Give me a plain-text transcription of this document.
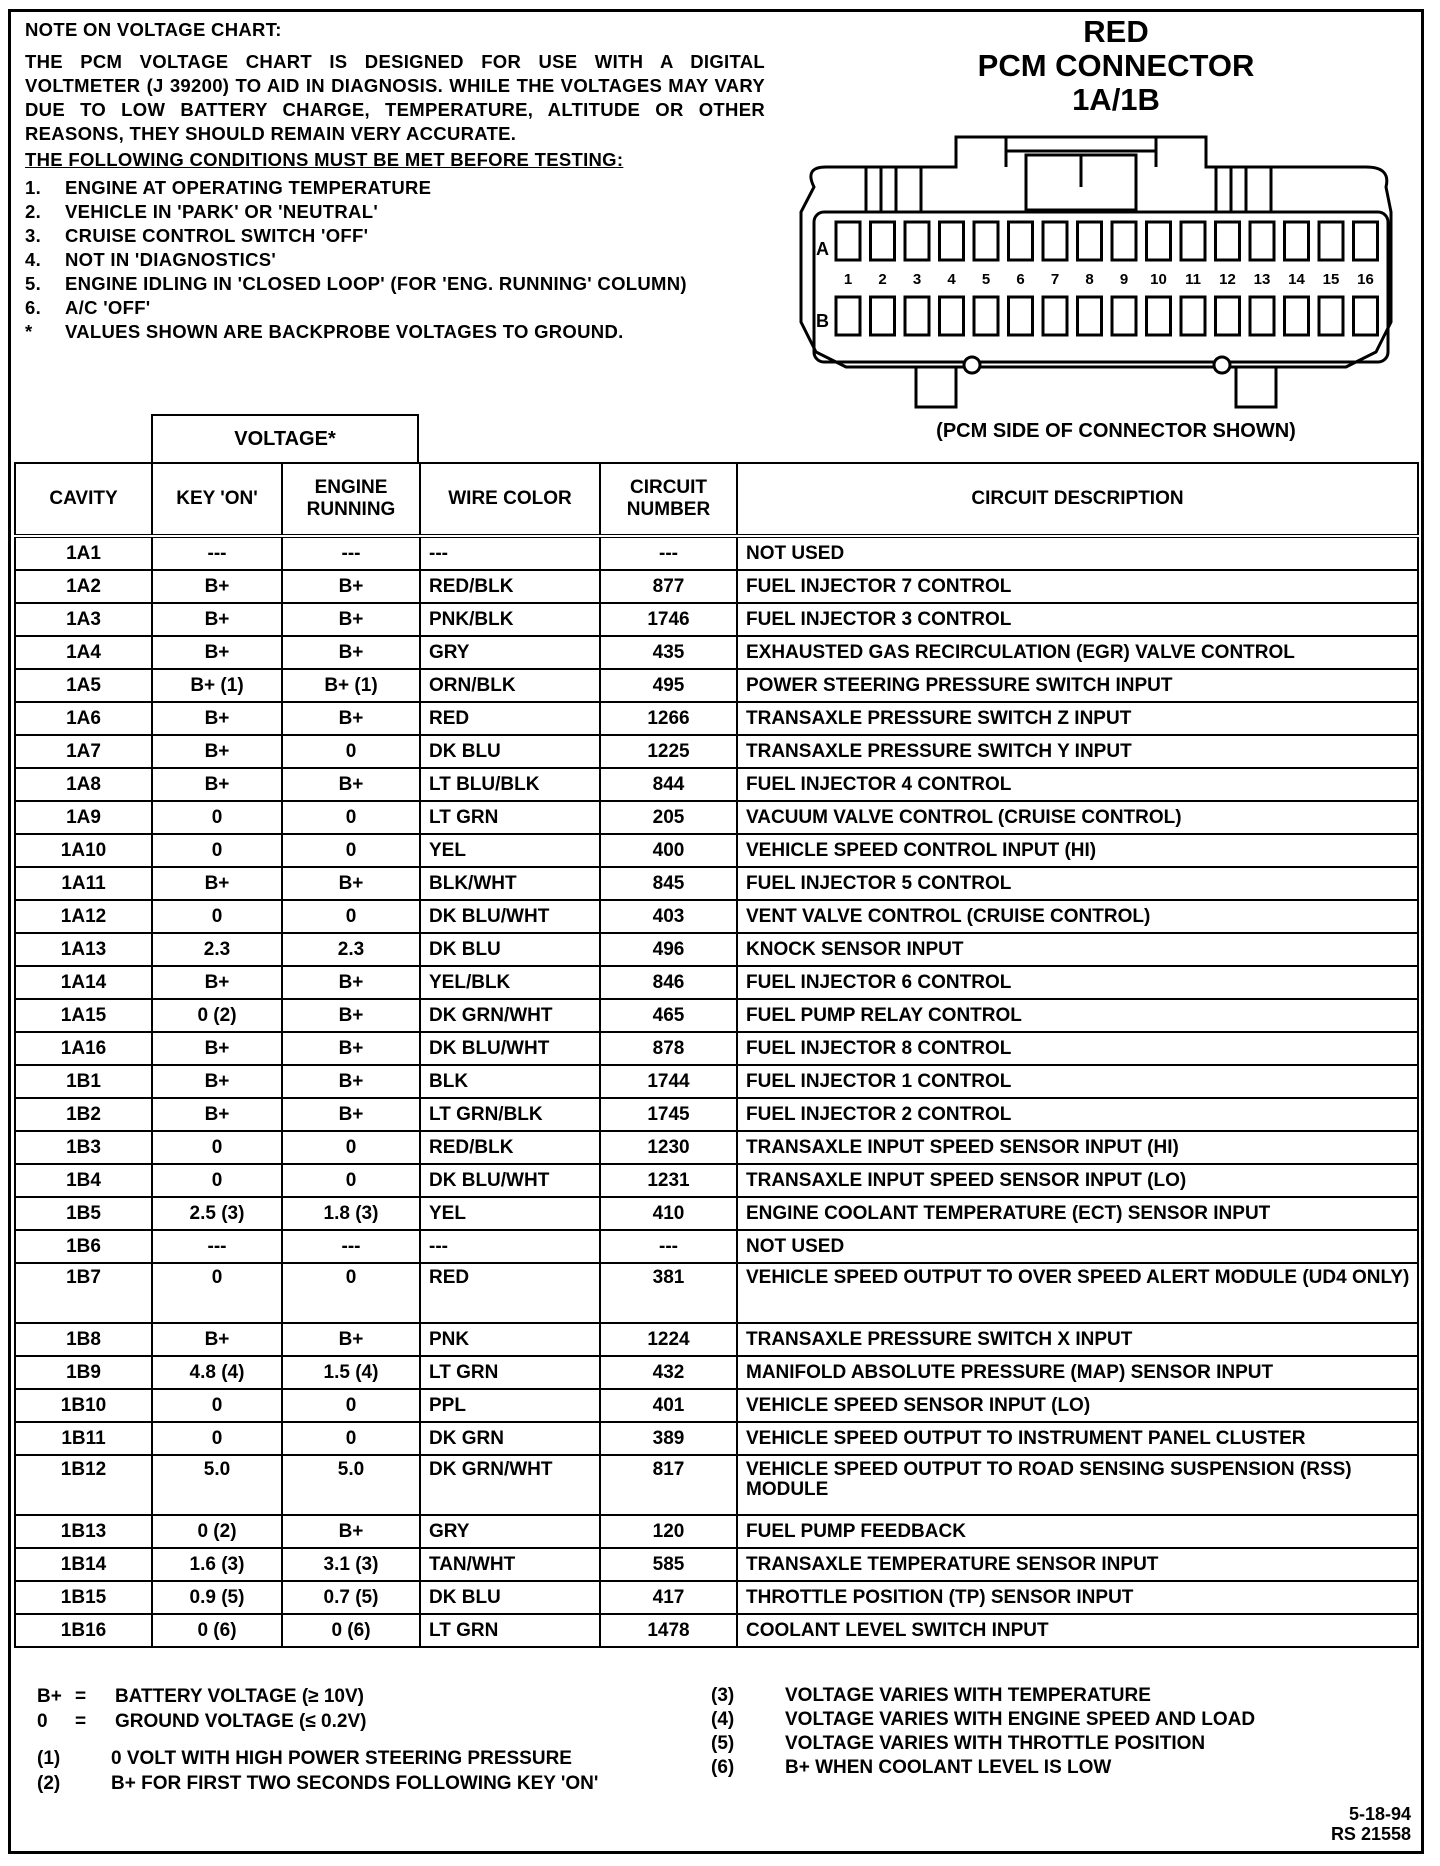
NOTE ON VOLTAGE CHART:
THE PCM VOLTAGE CHART IS DESIGNED FOR USE WITH A DIGITAL VOLTMETER (J 39200) TO AID IN DIAGNOSIS. WHILE THE VOLTAGES MAY VARY DUE TO LOW BATTERY CHARGE, TEMPERATURE, ALTITUDE OR OTHER REASONS, THEY SHOULD REMAIN VERY ACCURATE.
THE FOLLOWING CONDITIONS MUST BE MET BEFORE TESTING:
1.	ENGINE AT OPERATING TEMPERATURE
2.	VEHICLE IN 'PARK' OR 'NEUTRAL'
3.	CRUISE CONTROL SWITCH 'OFF'
4.	NOT IN 'DIAGNOSTICS'
5.	ENGINE IDLING IN 'CLOSED LOOP' (FOR 'ENG. RUNNING' COLUMN)
6.	A/C 'OFF'
*	VALUES SHOWN ARE BACKPROBE VOLTAGES TO GROUND.
RED
PCM CONNECTOR
1A/1B
A
B
1 2 3 4 5 6 7 8 9 10 11 12 13 14 15 16
(PCM SIDE OF CONNECTOR SHOWN)
VOLTAGE*
CAVITY	KEY 'ON'	ENGINE RUNNING	WIRE COLOR	CIRCUIT NUMBER	CIRCUIT DESCRIPTION
1A1	---	---	---	---	NOT USED
1A2	B+	B+	RED/BLK	877	FUEL INJECTOR 7 CONTROL
1A3	B+	B+	PNK/BLK	1746	FUEL INJECTOR 3 CONTROL
1A4	B+	B+	GRY	435	EXHAUSTED GAS RECIRCULATION (EGR) VALVE CONTROL
1A5	B+ (1)	B+ (1)	ORN/BLK	495	POWER STEERING PRESSURE SWITCH INPUT
1A6	B+	B+	RED	1266	TRANSAXLE PRESSURE SWITCH Z INPUT
1A7	B+	0	DK BLU	1225	TRANSAXLE PRESSURE SWITCH Y INPUT
1A8	B+	B+	LT BLU/BLK	844	FUEL INJECTOR 4 CONTROL
1A9	0	0	LT GRN	205	VACUUM VALVE CONTROL (CRUISE CONTROL)
1A10	0	0	YEL	400	VEHICLE SPEED CONTROL INPUT (HI)
1A11	B+	B+	BLK/WHT	845	FUEL INJECTOR 5 CONTROL
1A12	0	0	DK BLU/WHT	403	VENT VALVE CONTROL (CRUISE CONTROL)
1A13	2.3	2.3	DK BLU	496	KNOCK SENSOR INPUT
1A14	B+	B+	YEL/BLK	846	FUEL INJECTOR 6 CONTROL
1A15	0 (2)	B+	DK GRN/WHT	465	FUEL PUMP RELAY CONTROL
1A16	B+	B+	DK BLU/WHT	878	FUEL INJECTOR 8 CONTROL
1B1	B+	B+	BLK	1744	FUEL INJECTOR 1 CONTROL
1B2	B+	B+	LT GRN/BLK	1745	FUEL INJECTOR 2 CONTROL
1B3	0	0	RED/BLK	1230	TRANSAXLE INPUT SPEED SENSOR INPUT (HI)
1B4	0	0	DK BLU/WHT	1231	TRANSAXLE INPUT SPEED SENSOR INPUT (LO)
1B5	2.5 (3)	1.8 (3)	YEL	410	ENGINE COOLANT TEMPERATURE (ECT) SENSOR INPUT
1B6	---	---	---	---	NOT USED
1B7	0	0	RED	381	VEHICLE SPEED OUTPUT TO OVER SPEED ALERT MODULE (UD4 ONLY)
1B8	B+	B+	PNK	1224	TRANSAXLE PRESSURE SWITCH X INPUT
1B9	4.8 (4)	1.5 (4)	LT GRN	432	MANIFOLD ABSOLUTE PRESSURE (MAP) SENSOR INPUT
1B10	0	0	PPL	401	VEHICLE SPEED SENSOR INPUT (LO)
1B11	0	0	DK GRN	389	VEHICLE SPEED OUTPUT TO INSTRUMENT PANEL CLUSTER
1B12	5.0	5.0	DK GRN/WHT	817	VEHICLE SPEED OUTPUT TO ROAD SENSING SUSPENSION (RSS) MODULE
1B13	0 (2)	B+	GRY	120	FUEL PUMP FEEDBACK
1B14	1.6 (3)	3.1 (3)	TAN/WHT	585	TRANSAXLE TEMPERATURE SENSOR INPUT
1B15	0.9 (5)	0.7 (5)	DK BLU	417	THROTTLE POSITION (TP) SENSOR INPUT
1B16	0 (6)	0 (6)	LT GRN	1478	COOLANT LEVEL SWITCH INPUT
B+ =	BATTERY VOLTAGE (≥ 10V)
0	=	GROUND VOLTAGE (≤ 0.2V)
(1)	0 VOLT WITH HIGH POWER STEERING PRESSURE
(2)	B+ FOR FIRST TWO SECONDS FOLLOWING KEY 'ON'
(3)	VOLTAGE VARIES WITH TEMPERATURE
(4)	VOLTAGE VARIES WITH ENGINE SPEED AND LOAD
(5)	VOLTAGE VARIES WITH THROTTLE POSITION
(6)	B+ WHEN COOLANT LEVEL IS LOW
5-18-94
RS 21558
